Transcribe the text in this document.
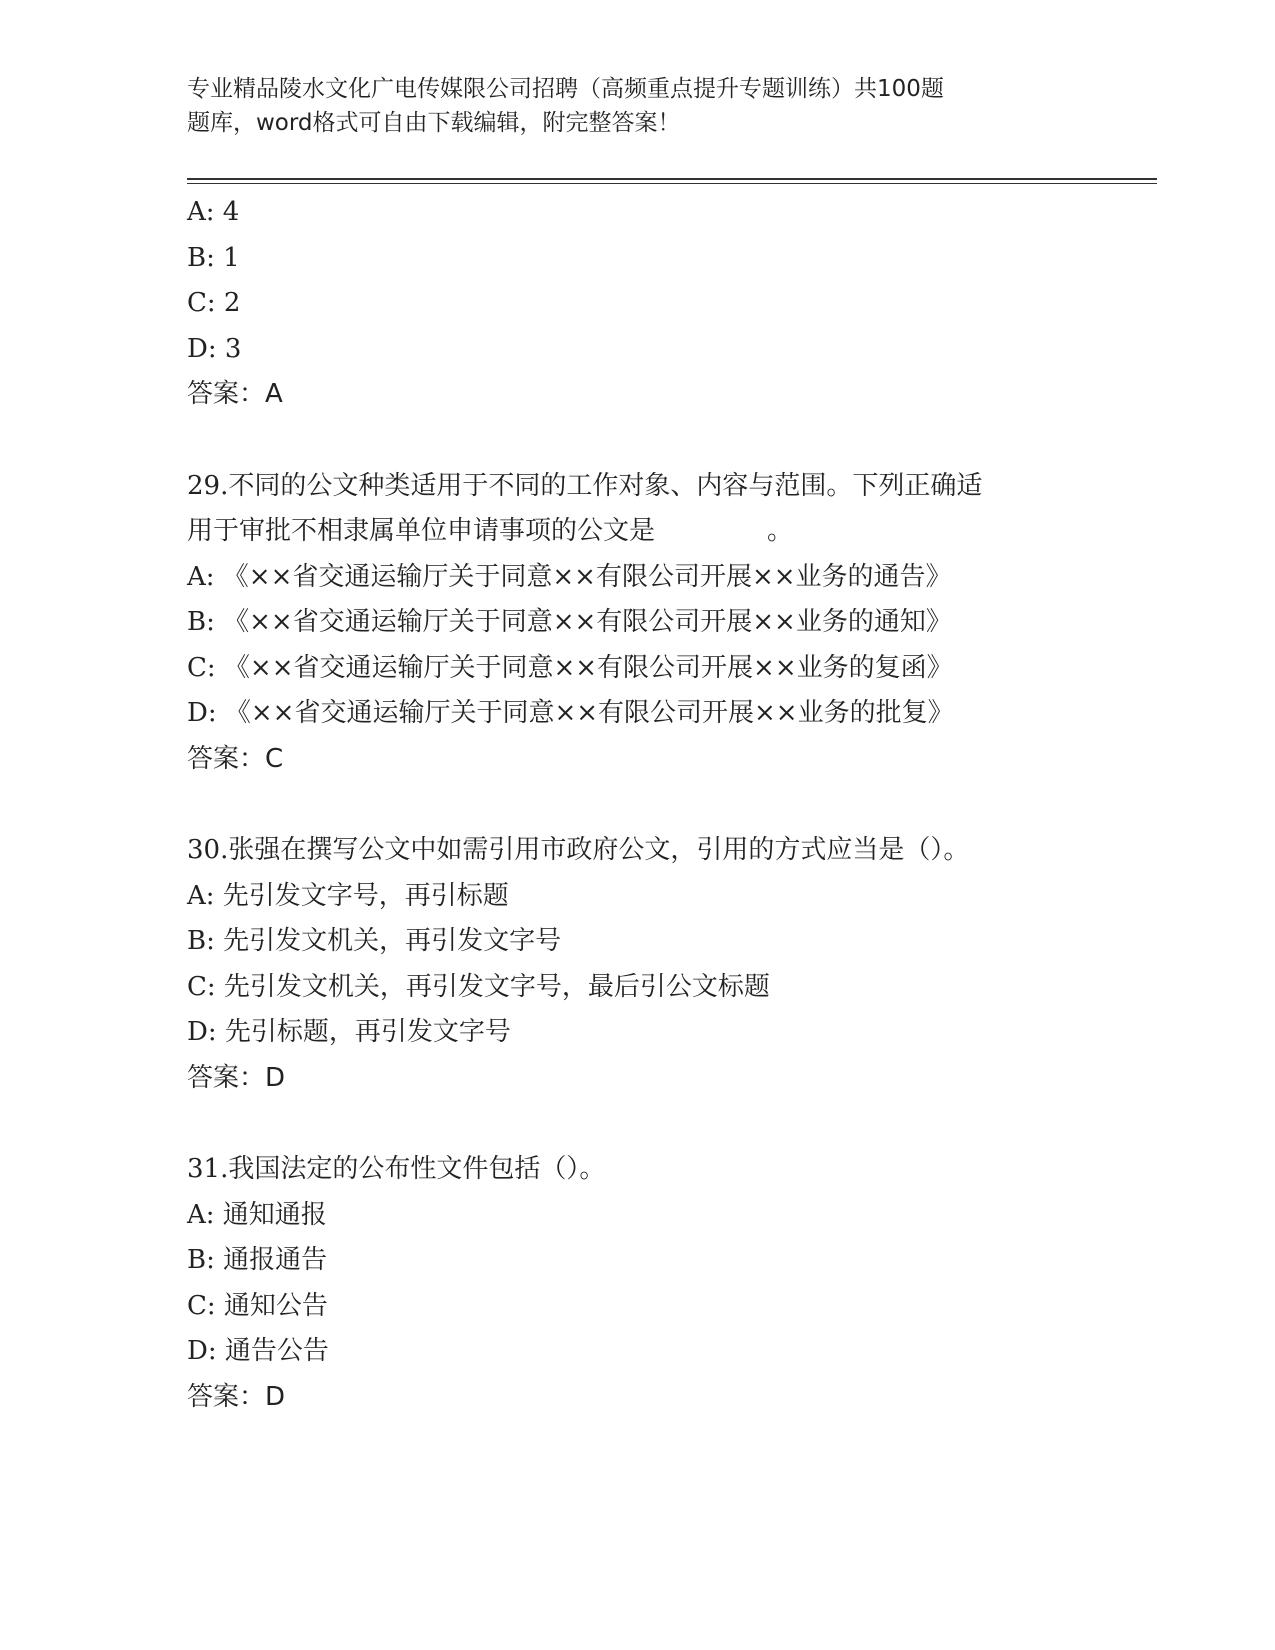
专业精品陵水文化广电传媒限公司招聘（高频重点提升专题训练）共100题
题库，word格式可自由下载编辑，附完整答案！
A: 4
B: 1
C: 2
D: 3
答案：A
29.不同的公文种类适用于不同的工作对象、内容与范围。下列正确适
用于审批不相隶属单位申请事项的公文是	。
A: 《××省交通运输厅关于同意××有限公司开展××业务的通告》
B: 《××省交通运输厅关于同意××有限公司开展××业务的通知》
C: 《××省交通运输厅关于同意××有限公司开展××业务的复函》
D: 《××省交通运输厅关于同意××有限公司开展××业务的批复》
答案：C
30.张强在撰写公文中如需引用市政府公文，引用的方式应当是（）。
A: 先引发文字号，再引标题
B: 先引发文机关，再引发文字号
C: 先引发文机关，再引发文字号，最后引公文标题
D: 先引标题，再引发文字号
答案：D
31.我国法定的公布性文件包括（）。
A: 通知通报
B: 通报通告
C: 通知公告
D: 通告公告
答案：D
